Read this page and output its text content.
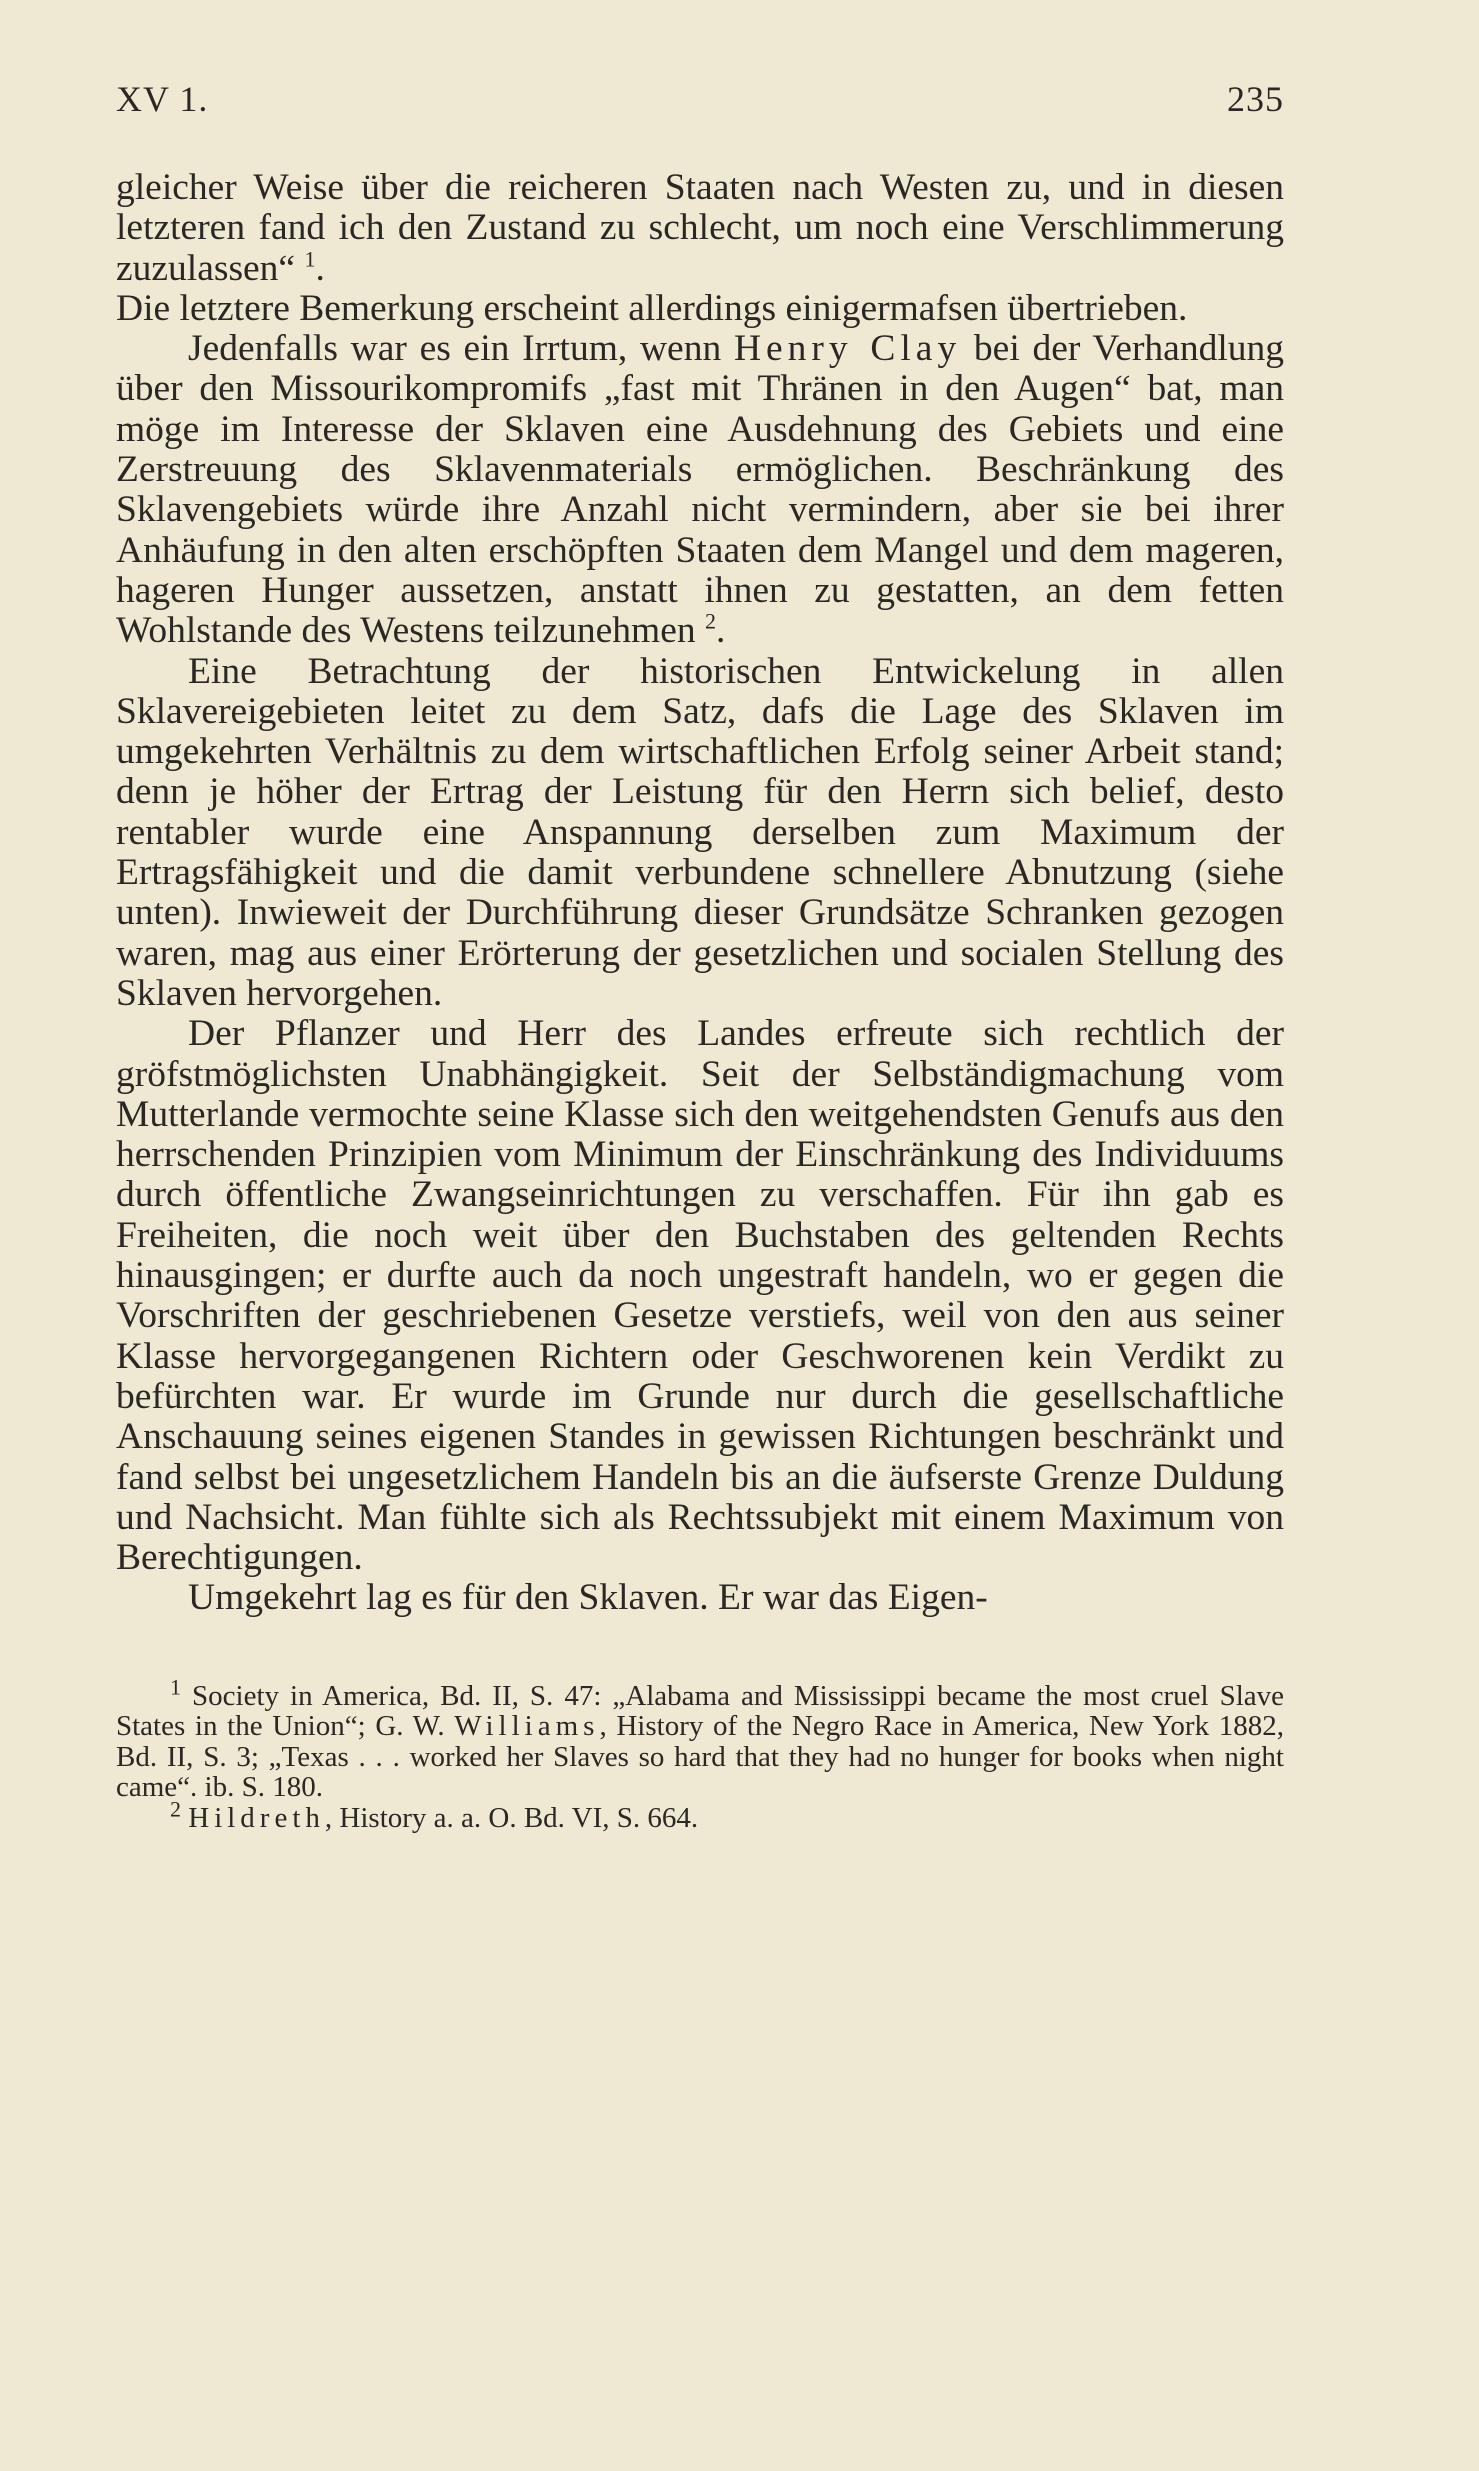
XV 1.	235

gleicher Weise über die reicheren Staaten nach Westen zu, und in diesen letzteren fand ich den Zustand zu schlecht, um noch eine Verschlimmerung zuzulassen“ $^1$.

Die letztere Bemerkung erscheint allerdings einigermafsen übertrieben.

Jedenfalls war es ein Irrtum, wenn Henry Clay bei der Verhandlung über den Missourikompromifs „fast mit Thränen in den Augen“ bat, man möge im Interesse der Sklaven eine Ausdehnung des Gebiets und eine Zerstreuung des Sklavenmaterials ermöglichen. Beschränkung des Sklavengebiets würde ihre Anzahl nicht vermindern, aber sie bei ihrer Anhäufung in den alten erschöpften Staaten dem Mangel und dem mageren, hageren Hunger aussetzen, anstatt ihnen zu gestatten, an dem fetten Wohlstande des Westens teilzunehmen $^2$.

Eine Betrachtung der historischen Entwickelung in allen Sklavereigebieten leitet zu dem Satz, dafs die Lage des Sklaven im umgekehrten Verhältnis zu dem wirtschaftlichen Erfolg seiner Arbeit stand; denn je höher der Ertrag der Leistung für den Herrn sich belief, desto rentabler wurde eine Anspannung derselben zum Maximum der Ertragsfähigkeit und die damit verbundene schnellere Abnutzung (siehe unten). Inwieweit der Durchführung dieser Grundsätze Schranken gezogen waren, mag aus einer Erörterung der gesetzlichen und socialen Stellung des Sklaven hervorgehen.

Der Pflanzer und Herr des Landes erfreute sich rechtlich der gröfstmöglichsten Unabhängigkeit. Seit der Selbständigmachung vom Mutterlande vermochte seine Klasse sich den weitgehendsten Genufs aus den herrschenden Prinzipien vom Minimum der Einschränkung des Individuums durch öffentliche Zwangseinrichtungen zu verschaffen. Für ihn gab es Freiheiten, die noch weit über den Buchstaben des geltenden Rechts hinausgingen; er durfte auch da noch ungestraft handeln, wo er gegen die Vorschriften der geschriebenen Gesetze verstiefs, weil von den aus seiner Klasse hervorgegangenen Richtern oder Geschworenen kein Verdikt zu befürchten war. Er wurde im Grunde nur durch die gesellschaftliche Anschauung seines eigenen Standes in gewissen Richtungen beschränkt und fand selbst bei ungesetzlichem Handeln bis an die äufserste Grenze Duldung und Nachsicht. Man fühlte sich als Rechtssubjekt mit einem Maximum von Berechtigungen.

Umgekehrt lag es für den Sklaven. Er war das Eigen-

$^1$ Society in America, Bd. II, S. 47: „Alabama and Mississippi became the most cruel Slave States in the Union“; G. W. Williams, History of the Negro Race in America, New York 1882, Bd. II, S. 3; „Texas . . . worked her Slaves so hard that they had no hunger for books when night came“. ib. S. 180.

$^2$ Hildreth, History a. a. O. Bd. VI, S. 664.
